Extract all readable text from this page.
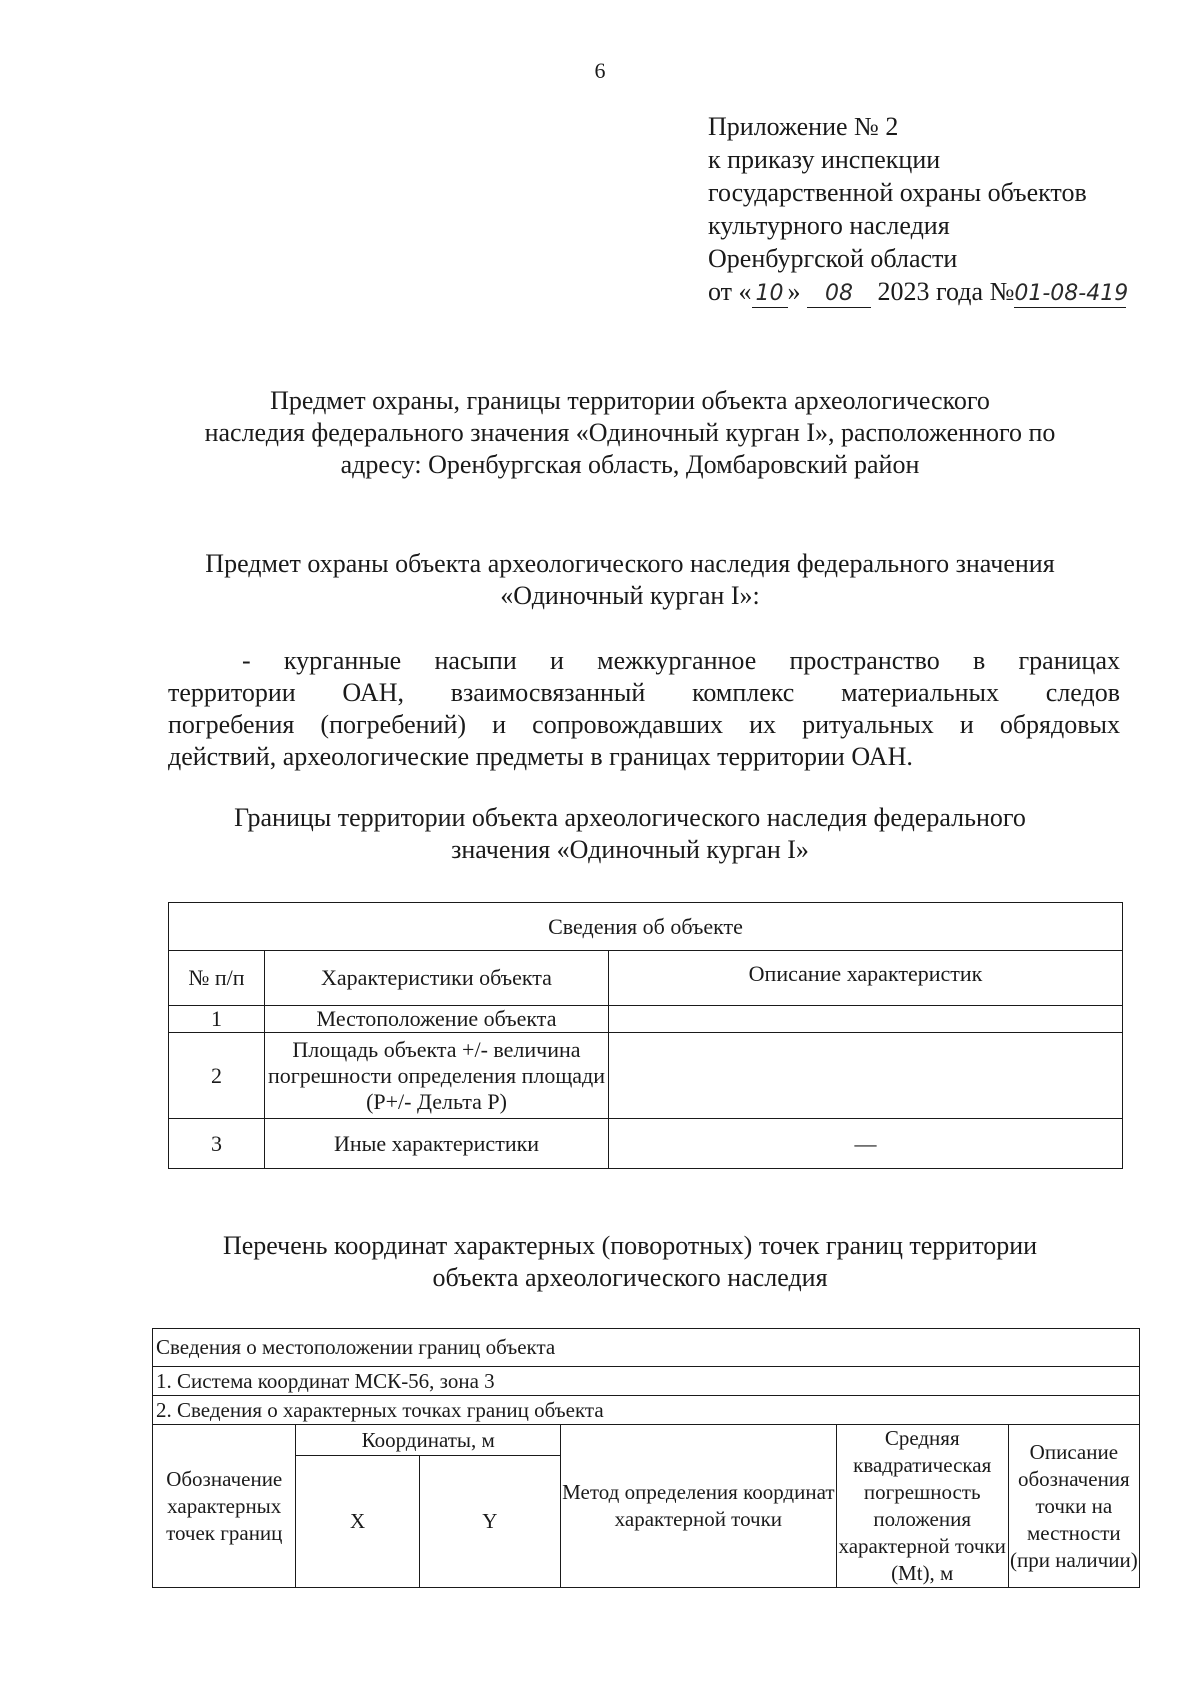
6
Приложение № 2
к приказу инспекции
государственной охраны объектов
культурного наследия
Оренбургской области
от « 10 » 08 2023 года №01-08-419
Предмет охраны, границы территории объекта археологического
наследия федерального значения «Одиночный курган I», расположенного по
адресу: Оренбургская область, Домбаровский район
Предмет охраны объекта археологического наследия федерального значения
«Одиночный курган I»:
- курганные насыпи и межкурганное пространство в границах
территории ОАН, взаимосвязанный комплекс материальных следов
погребения (погребений) и сопровождавших их ритуальных и обрядовых
действий, археологические предметы в границах территории ОАН.
Границы территории объекта археологического наследия федерального
значения «Одиночный курган I»
Сведения об объекте		
№ п/п	Характеристики объекта	Описание характеристик
1	Местоположение объекта	
2	Площадь объекта +/- величина погрешности определения площади (Р+/- Дельта Р)	
3	Иные характеристики	—
Перечень координат характерных (поворотных) точек границ территории
объекта археологического наследия
Сведения о местоположении границ объекта					
1. Система координат МСК-56, зона 3					
2. Сведения о характерных точках границ объекта					
Обозначение характерных точек границ	Координаты, м		Метод определения координат характерной точки	Средняя квадратическая погрешность положения характерной точки (Mt), м	Описание обозначения точки на местности (при наличии)
	X	Y			
